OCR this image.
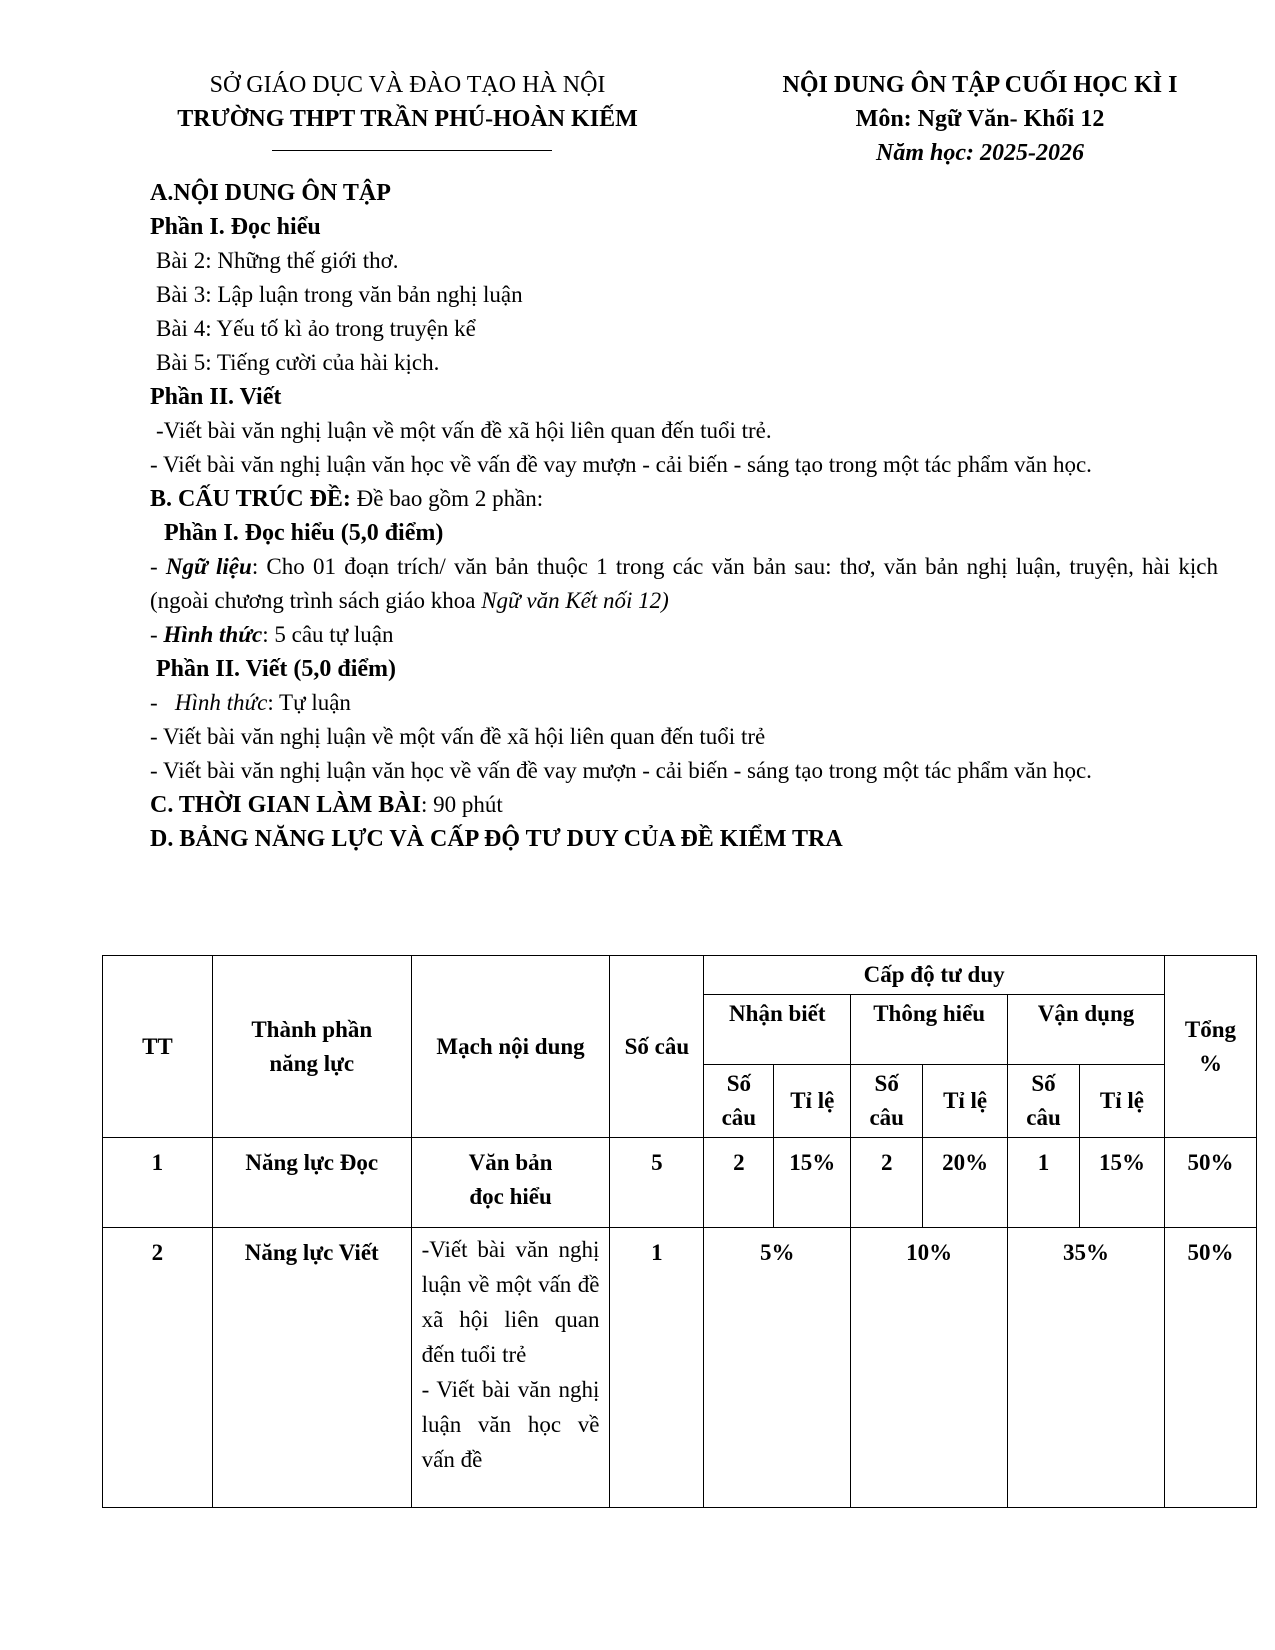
SỞ GIÁO DỤC VÀ ĐÀO TẠO HÀ NỘI
TRƯỜNG THPT TRẦN PHÚ-HOÀN KIẾM
NỘI DUNG ÔN TẬP CUỐI HỌC KÌ I
Môn: Ngữ Văn- Khối 12
Năm học: 2025-2026

A.NỘI DUNG ÔN TẬP

Phần I. Đọc hiểu

Bài 2: Những thế giới thơ.

Bài 3: Lập luận trong văn bản nghị luận

Bài 4: Yếu tố kì ảo trong truyện kể

Bài 5: Tiếng cười của hài kịch.

Phần II. Viết

-Viết bài văn nghị luận về một vấn đề xã hội liên quan đến tuổi trẻ.

- Viết bài văn nghị luận văn học về vấn đề vay mượn - cải biến - sáng tạo trong một tác phẩm văn học.

B. CẤU TRÚC ĐỀ: Đề bao gồm 2 phần:

Phần I. Đọc hiểu (5,0 điểm)

- Ngữ liệu: Cho 01 đoạn trích/ văn bản thuộc 1 trong các văn bản sau: thơ, văn bản nghị luận, truyện, hài kịch (ngoài chương trình sách giáo khoa Ngữ văn Kết nối 12)

- Hình thức: 5 câu tự luận

Phần II. Viết (5,0 điểm)

-   Hình thức: Tự luận

- Viết bài văn nghị luận về một vấn đề xã hội liên quan đến tuổi trẻ

- Viết bài văn nghị luận văn học về vấn đề vay mượn - cải biến - sáng tạo trong một tác phẩm văn học.

C. THỜI GIAN LÀM BÀI: 90 phút

D. BẢNG NĂNG LỰC VÀ CẤP ĐỘ TƯ DUY CỦA ĐỀ KIỂM TRA

TT	Thành phần năng lực	Mạch nội dung	Số câu	Cấp độ tư duy						Tổng %
				Nhận biết		Thông hiểu		Vận dụng		
				Số câu	Tỉ lệ	Số câu	Tỉ lệ	Số câu	Tỉ lệ	
1	Năng lực Đọc	Văn bản đọc hiểu	5	2	15%	2	20%	1	15%	50%
2	Năng lực Viết	-Viết bài văn nghị luận về một vấn đề xã hội liên quan đến tuổi trẻ
- Viết bài văn nghị luận văn học về vấn đề	1	5%		10%		35%		50%
